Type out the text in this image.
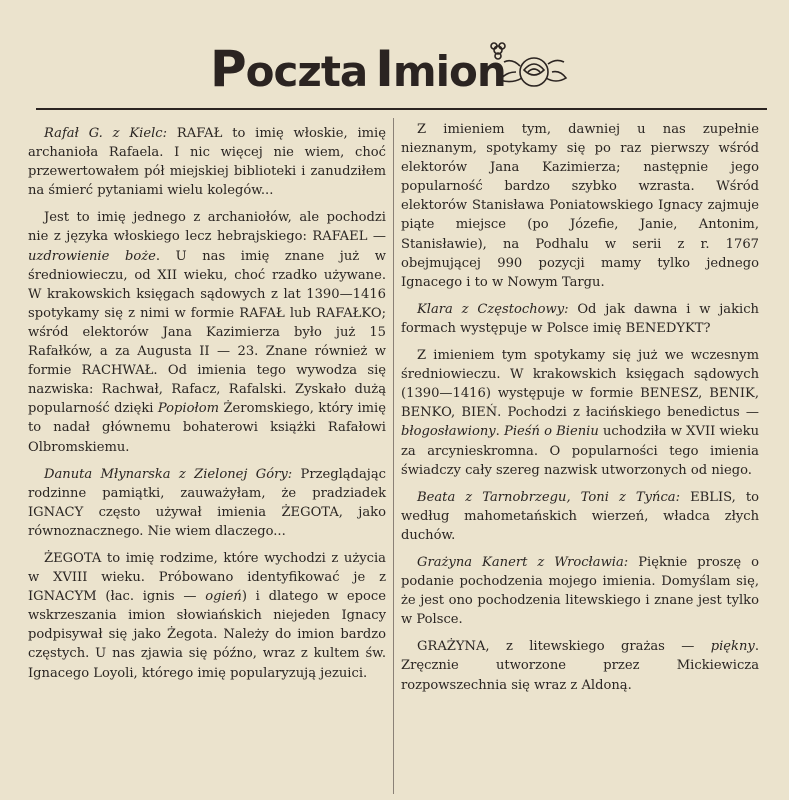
Poczta Imion

Rafał G. z Kielc: RAFAŁ to imię włoskie, imię archanioła Rafaela. I nic więcej nie wiem, choć przewertowałem pół miejskiej biblioteki i zanudziłem na śmierć pytaniami wielu kolegów...

Jest to imię jednego z archaniołów, ale pochodzi nie z języka włoskiego lecz hebrajskiego: RAFAEL — uzdrowienie boże. U nas imię znane już w średniowieczu, od XII wieku, choć rzadko używane. W krakowskich księgach sądowych z lat 1390—1416 spotykamy się z nimi w formie RAFAŁ lub RAFAŁKO; wśród elektorów Jana Kazimierza było już 15 Rafałków, a za Augusta II — 23. Znane również w formie RACHWAŁ. Od imienia tego wywodza się nazwiska: Rachwał, Rafacz, Rafalski. Zyskało dużą popularność dzięki Popiołom Żeromskiego, który imię to nadał głównemu bohaterowi książki Rafałowi Olbromskiemu.

Danuta Młynarska z Zielonej Góry: Przeglądając rodzinne pamiątki, zauważyłam, że pradziadek IGNACY często używał imienia ŻEGOTA, jako równoznacznego. Nie wiem dlaczego...

ŻEGOTA to imię rodzime, które wychodzi z użycia w XVIII wieku. Próbowano identyfikować je z IGNACYM (łac. ignis — ogień) i dlatego w epoce wskrzeszania imion słowiańskich niejeden Ignacy podpisywał się jako Żegota. Należy do imion bardzo częstych. U nas zjawia się późno, wraz z kultem św. Ignacego Loyoli, którego imię popularyzują jezuici.

Z imieniem tym, dawniej u nas zupełnie nieznanym, spotykamy się po raz pierwszy wśród elektorów Jana Kazimierza; następnie jego popularność bardzo szybko wzrasta. Wśród elektorów Stanisława Poniatowskiego Ignacy zajmuje piąte miejsce (po Józefie, Janie, Antonim, Stanisławie), na Podhalu w serii z r. 1767 obejmującej 990 pozycji mamy tylko jednego Ignacego i to w Nowym Targu.

Klara z Częstochowy: Od jak dawna i w jakich formach występuje w Polsce imię BENEDYKT?

Z imieniem tym spotykamy się już we wczesnym średniowieczu. W krakowskich księgach sądowych (1390—1416) występuje w formie BENESZ, BENIK, BENKO, BIEŃ. Pochodzi z łacińskiego benedictus — błogosławiony. Pieśń o Bieniu uchodziła w XVII wieku za arcynieskromna. O popularności tego imienia świadczy cały szereg nazwisk utworzonych od niego.

Beata z Tarnobrzegu, Toni z Tyńca: EBLIS, to według mahometańskich wierzeń, władca złych duchów.

Grażyna Kanert z Wrocławia: Pięknie proszę o podanie pochodzenia mojego imienia. Domyślam się, że jest ono pochodzenia litewskiego i znane jest tylko w Polsce.

GRAŻYNA, z litewskiego grażas — piękny. Zręcznie utworzone przez Mickiewicza rozpowszechnia się wraz z Aldoną.
